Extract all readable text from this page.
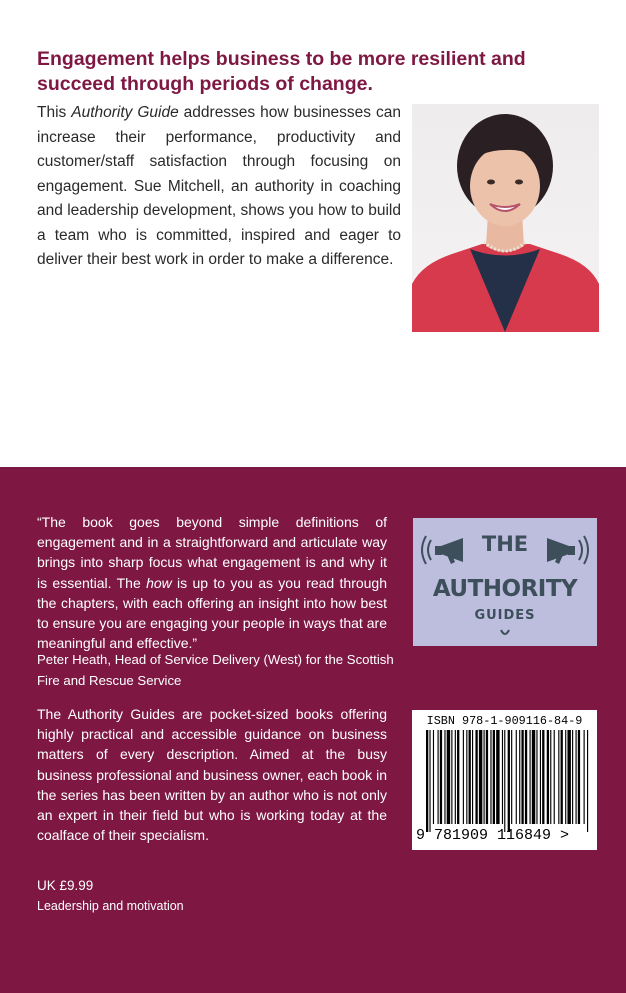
Engagement helps business to be more resilient and succeed through periods of change.

This Authority Guide addresses how businesses can increase their performance, productivity and customer/staff satisfaction through focusing on engagement. Sue Mitchell, an authority in coaching and leadership development, shows you how to build a team who is committed, inspired and eager to deliver their best work in order to make a difference.

“The book goes beyond simple definitions of engagement and in a straightforward and articulate way brings into sharp focus what engagement is and why it is essential. The how is up to you as you read through the chapters, with each offering an insight into how best to ensure you are engaging your people in ways that are meaningful and effective.”

Peter Heath, Head of Service Delivery (West) for the Scottish Fire and Rescue Service
THE
AUTHORITY
GUIDES

The Authority Guides are pocket-sized books offering highly practical and accessible guidance on business matters of every description. Aimed at the busy business professional and business owner, each book in the series has been written by an author who is not only an expert in their field but who is working today at the coalface of their specialism.

ISBN 978-1-909116-84-9
9 781909 116849 >
UK £9.99
Leadership and motivation
